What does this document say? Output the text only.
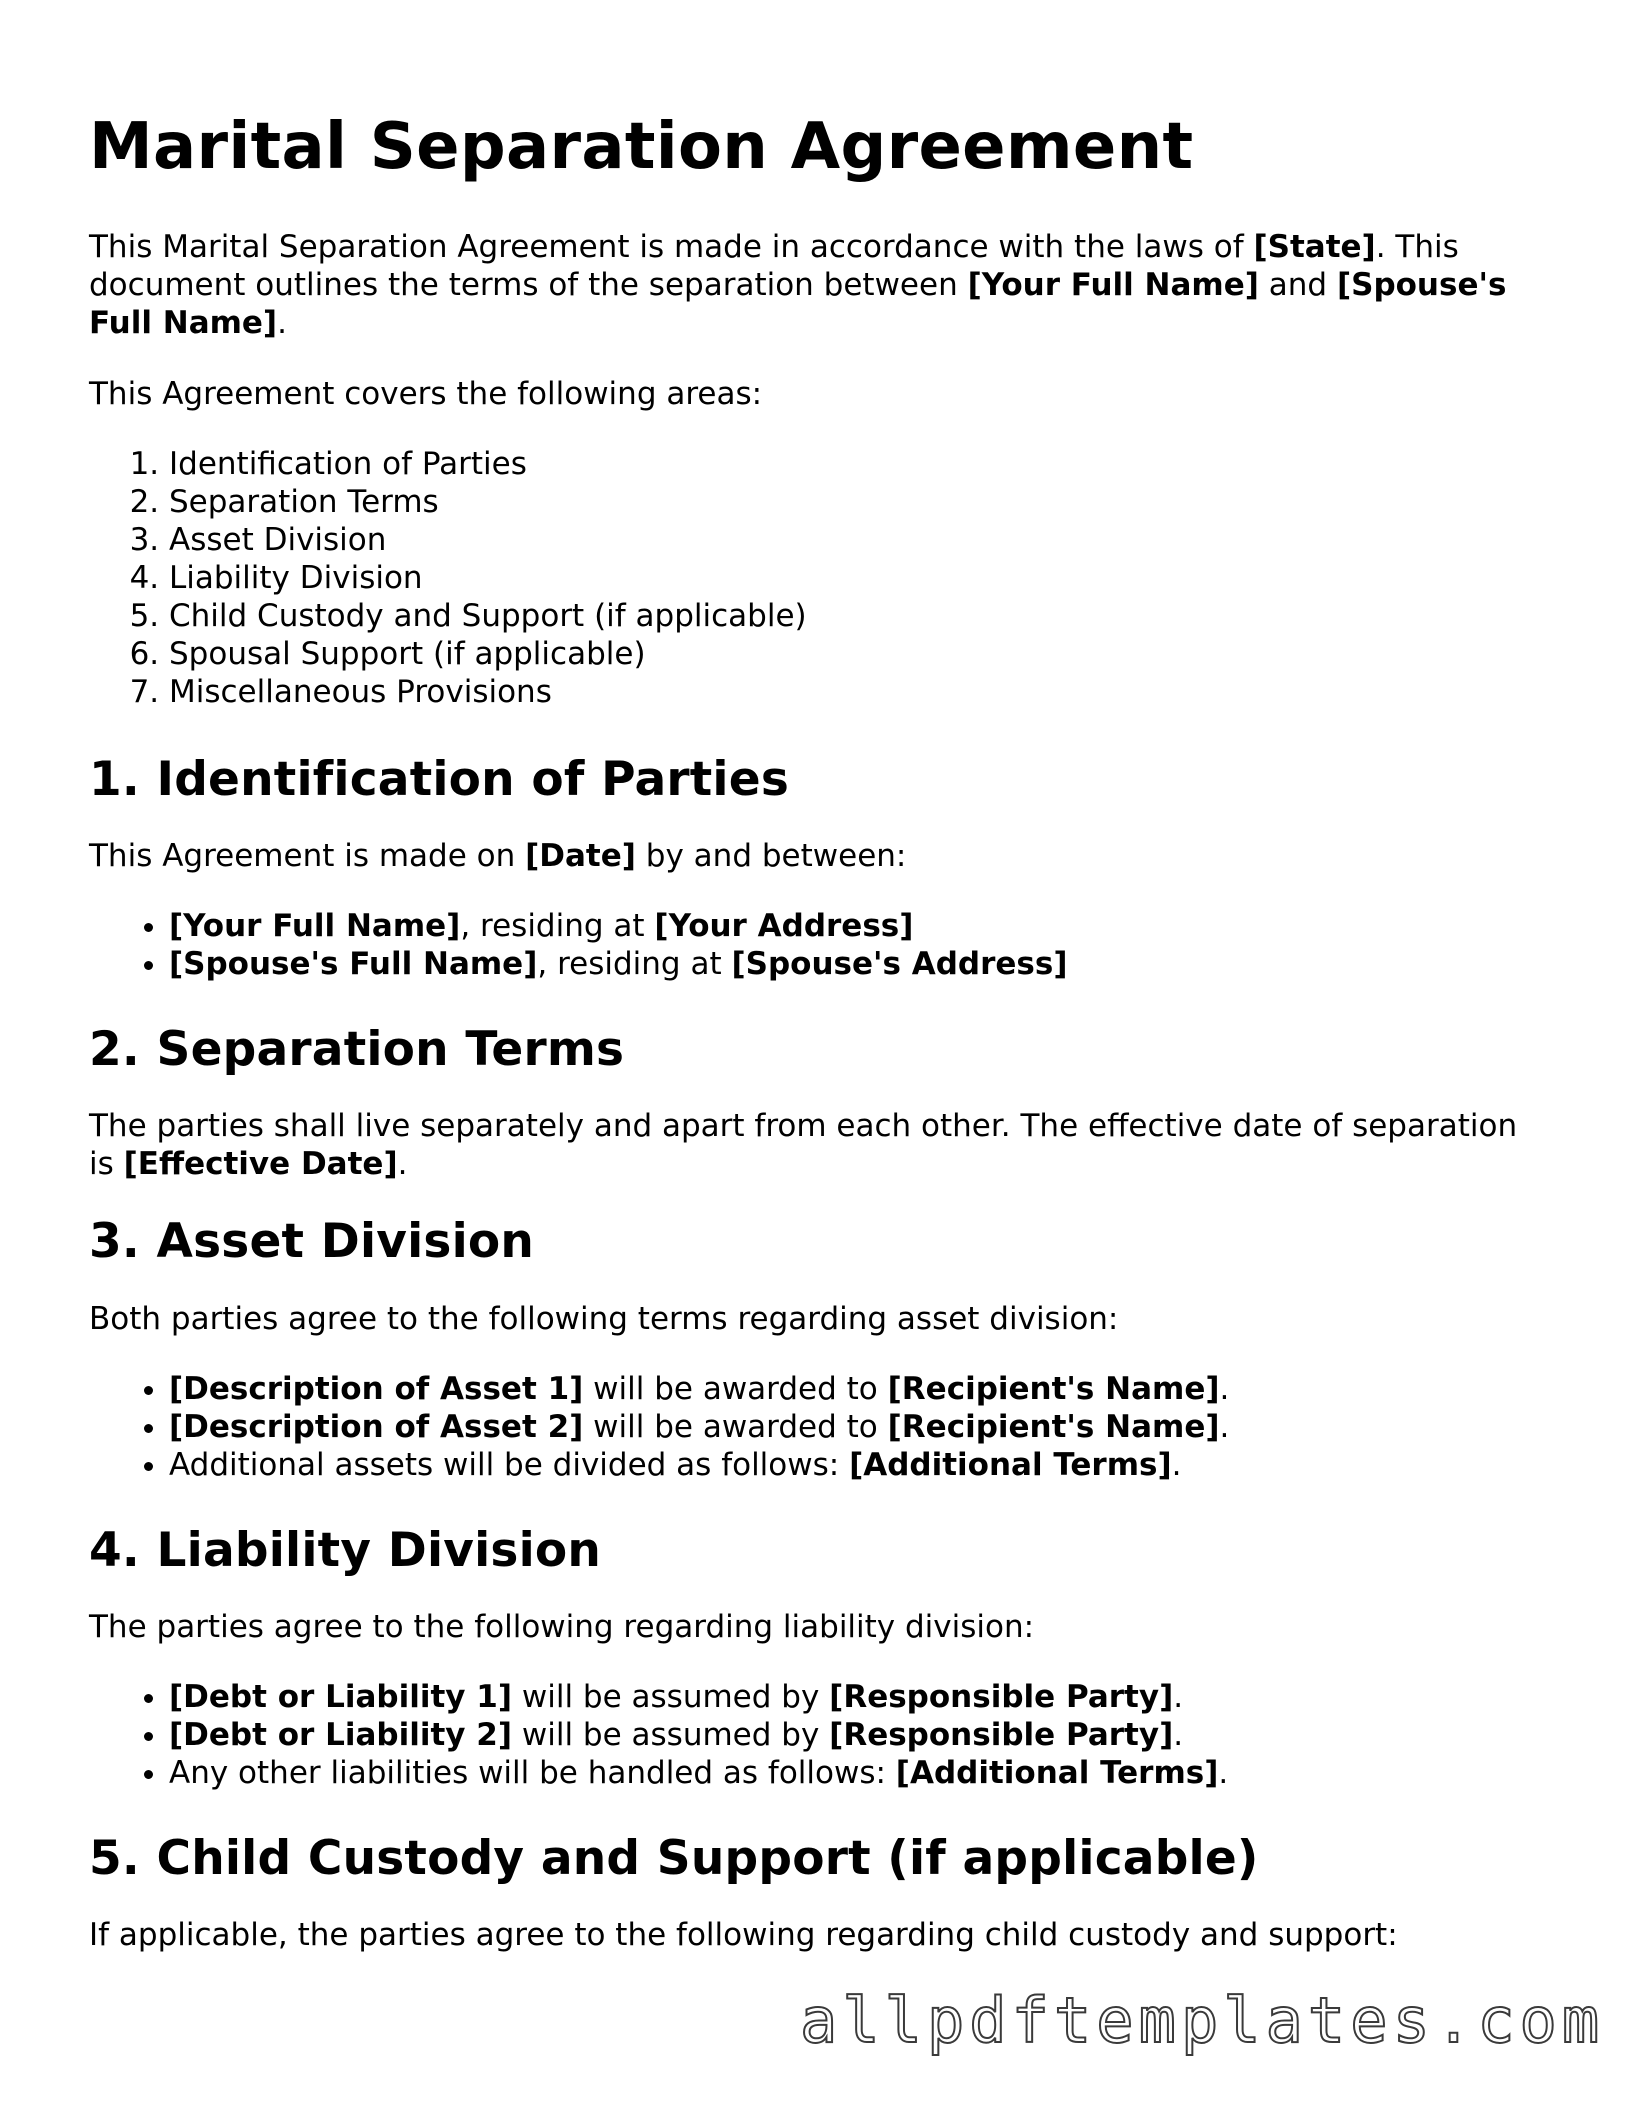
Marital Separation Agreement

This Marital Separation Agreement is made in accordance with the laws of [State]. This document outlines the terms of the separation between [Your Full Name] and [Spouse's Full Name].

This Agreement covers the following areas:

1. Identification of Parties
2. Separation Terms
3. Asset Division
4. Liability Division
5. Child Custody and Support (if applicable)
6. Spousal Support (if applicable)
7. Miscellaneous Provisions
1. Identification of Parties

This Agreement is made on [Date] by and between:

• [Your Full Name], residing at [Your Address]
• [Spouse's Full Name], residing at [Spouse's Address]
2. Separation Terms

The parties shall live separately and apart from each other. The effective date of separation is [Effective Date].

3. Asset Division

Both parties agree to the following terms regarding asset division:

• [Description of Asset 1] will be awarded to [Recipient's Name].
• [Description of Asset 2] will be awarded to [Recipient's Name].
• Additional assets will be divided as follows: [Additional Terms].
4. Liability Division

The parties agree to the following regarding liability division:

• [Debt or Liability 1] will be assumed by [Responsible Party].
• [Debt or Liability 2] will be assumed by [Responsible Party].
• Any other liabilities will be handled as follows: [Additional Terms].
5. Child Custody and Support (if applicable)

If applicable, the parties agree to the following regarding child custody and support:

allpdftemplates.com
